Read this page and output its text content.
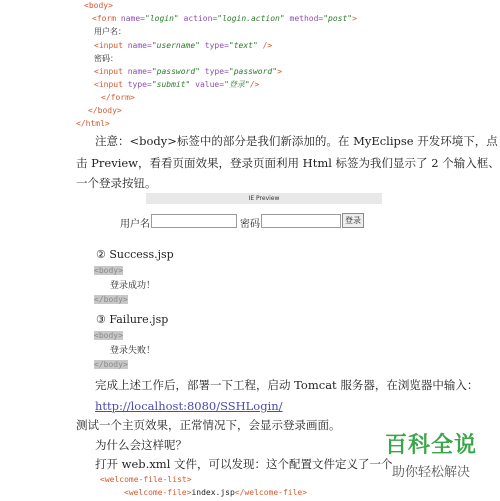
<body>
<form name="login" action="login.action" method="post">
用户名：
<input name="username" type="text" />
密码：
<input name="password" type="password">
<input type="submit" value="登录"/>
</form>
</body>
</html>
注意：<body>标签中的部分是我们新添加的。在 MyEclipse 开发环境下，点
击 Preview，看看页面效果，登录页面利用 Html 标签为我们显示了 2 个输入框、
一个登录按钮。
IE Preview
用户名	密码	登录
② Success.jsp
<body>
登录成功！
</body>
③ Failure.jsp
<body>
登录失败！
</body>
完成上述工作后，部署一下工程，启动 Tomcat 服务器，在浏览器中输入：
http://localhost:8080/SSHLogin/
测试一个主页效果，正常情况下，会显示登录画面。
为什么会这样呢？
打开 web.xml 文件，可以发现：这个配置文件定义了一个
<welcome-file-list>
<welcome-file>index.jsp</welcome-file>
百科全说
助你轻松解决
